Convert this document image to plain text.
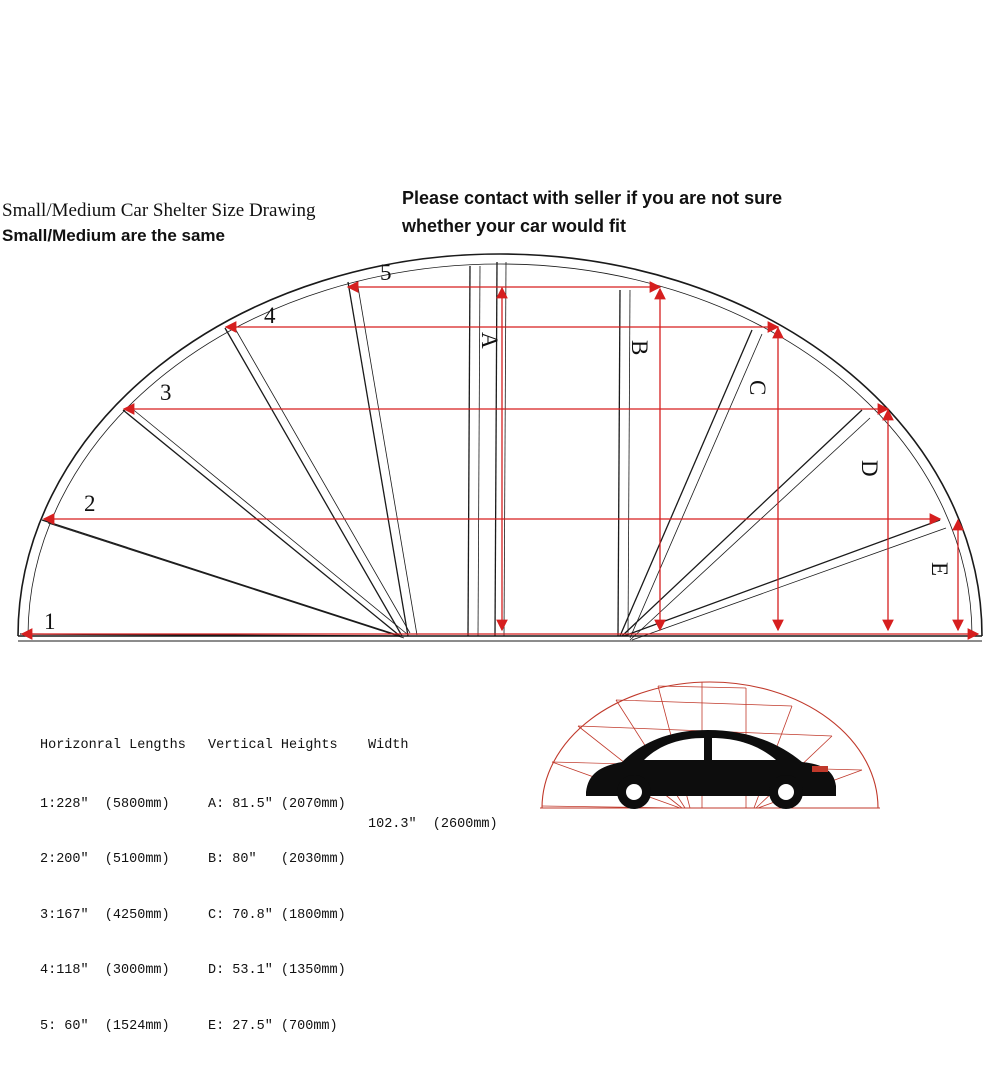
Small/Medium Car Shelter Size Drawing
Small/Medium are the same
Please contact with seller if you are not sure
whether your car would fit
1
2
3
4
5
A	B
C
D
E

Horizonral Lengths

1:228"  (5800mm)

2:200"  (5100mm)

3:167"  (4250mm)

4:118"  (3000mm)

5: 60"  (1524mm)

Vertical Heights

A: 81.5" (2070mm)

B: 80"   (2030mm)

C: 70.8" (1800mm)

D: 53.1" (1350mm)

E: 27.5" (700mm)

Width

102.3"  (2600mm)
